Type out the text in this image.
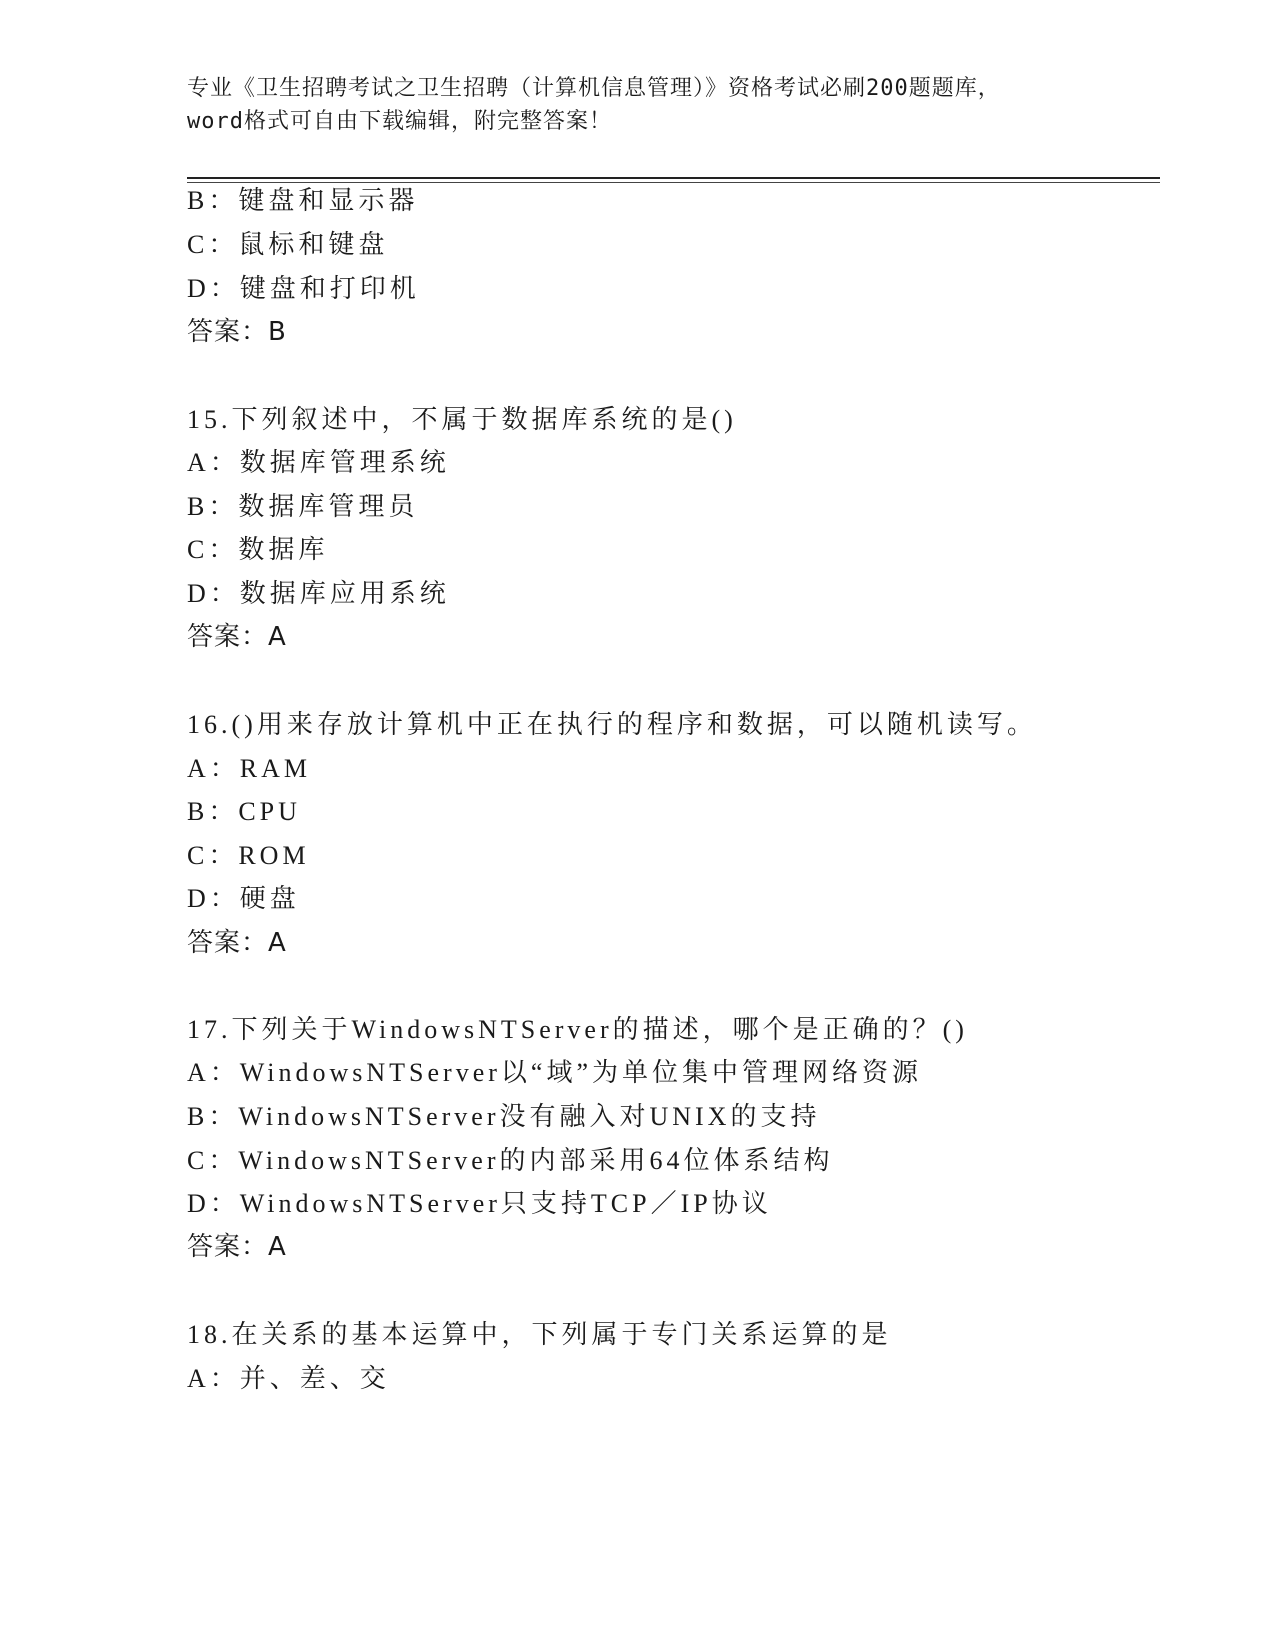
专业《卫生招聘考试之卫生招聘（计算机信息管理）》资格考试必刷200题题库，
word格式可自由下载编辑，附完整答案！
B：键盘和显示器
C：鼠标和键盘
D：键盘和打印机
答案：B
15.下列叙述中，不属于数据库系统的是()
A：数据库管理系统
B：数据库管理员
C：数据库
D：数据库应用系统
答案：A
16.()用来存放计算机中正在执行的程序和数据，可以随机读写。
A：RAM
B：CPU
C：ROM
D：硬盘
答案：A
17.下列关于WindowsNTServer的描述，哪个是正确的？()
A：WindowsNTServer以“域”为单位集中管理网络资源
B：WindowsNTServer没有融入对UNIX的支持
C：WindowsNTServer的内部采用64位体系结构
D：WindowsNTServer只支持TCP／IP协议
答案：A
18.在关系的基本运算中，下列属于专门关系运算的是
A：并、差、交
